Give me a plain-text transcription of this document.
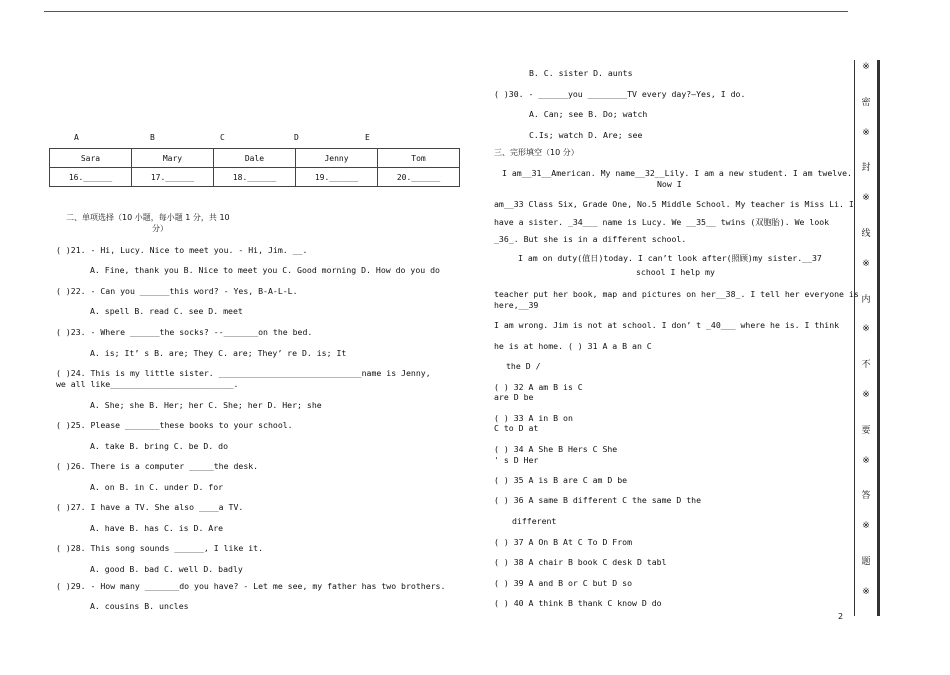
A	B	C	D	E
Sara	Mary	Dale	Jenny	Tom
16.______	17.______	18.______	19.______	20.______
二、单项选择（10 小题，每小题 1 分，共 10
分）
( )21. - Hi, Lucy. Nice to meet you. - Hi, Jim. __.
A. Fine, thank you B. Nice to meet you C. Good morning D. How do you do
( )22. - Can you ______this word? - Yes, B-A-L-L.
A. spell B. read C. see D. meet
( )23. - Where ______the socks? --_______on the bed.
A. is; It’ s B. are; They C. are; They’ re D. is; It
( )24. This is my little sister. _____________________________name is Jenny,
we all like_________________________.
A. She; she B. Her; her C. She; her D. Her; she
( )25. Please _______these books to your school.
A. take B. bring C. be D. do
( )26. There is a computer _____the desk.
A. on B. in C. under D. for
( )27. I have a TV. She also ____a TV.
A. have B. has C. is D. Are
( )28. This song sounds ______, I like it.
A. good B. bad C. well D. badly
( )29. - How many _______do you have? - Let me see, my father has two brothers.
A. cousins B. uncles
B. C. sister D. aunts
( )30. - ______you ________TV every day?—Yes, I do.
A. Can; see B. Do; watch
C.Is; watch D. Are; see
三、完形填空（10 分）
I am__31__American. My name__32__Lily. I am a new student. I am twelve.
Now I
am__33 Class Six, Grade One, No.5 Middle School. My teacher is Miss Li. I
have a sister. _34___ name is Lucy. We __35__ twins (双胞胎). We look
_36_. But she is in a different school.
I am on duty(值日)today. I can’t look after(照顾)my sister.__37
school I help my
teacher put her book, map and pictures on her__38_. I tell her everyone is
here,__39
I am wrong. Jim is not at school. I don’ t _40___ where he is. I think
he is at home. ( ) 31 A a B an C
the D /
( ) 32 A am B is C
are D be
( ) 33 A in B on
C to D at
( ) 34 A She B Hers C She
' s D Her
( ) 35 A is B are C am D be
( ) 36 A same B different C the same D the
different
( ) 37 A On B At C To D From
( ) 38 A chair B book C desk D tabl
( ) 39 A and B or C but D so
( ) 40 A think B thank C know D do
※
密
※
封
※
线
※
内
※
不
※
要
※
答
※
题
※
2
